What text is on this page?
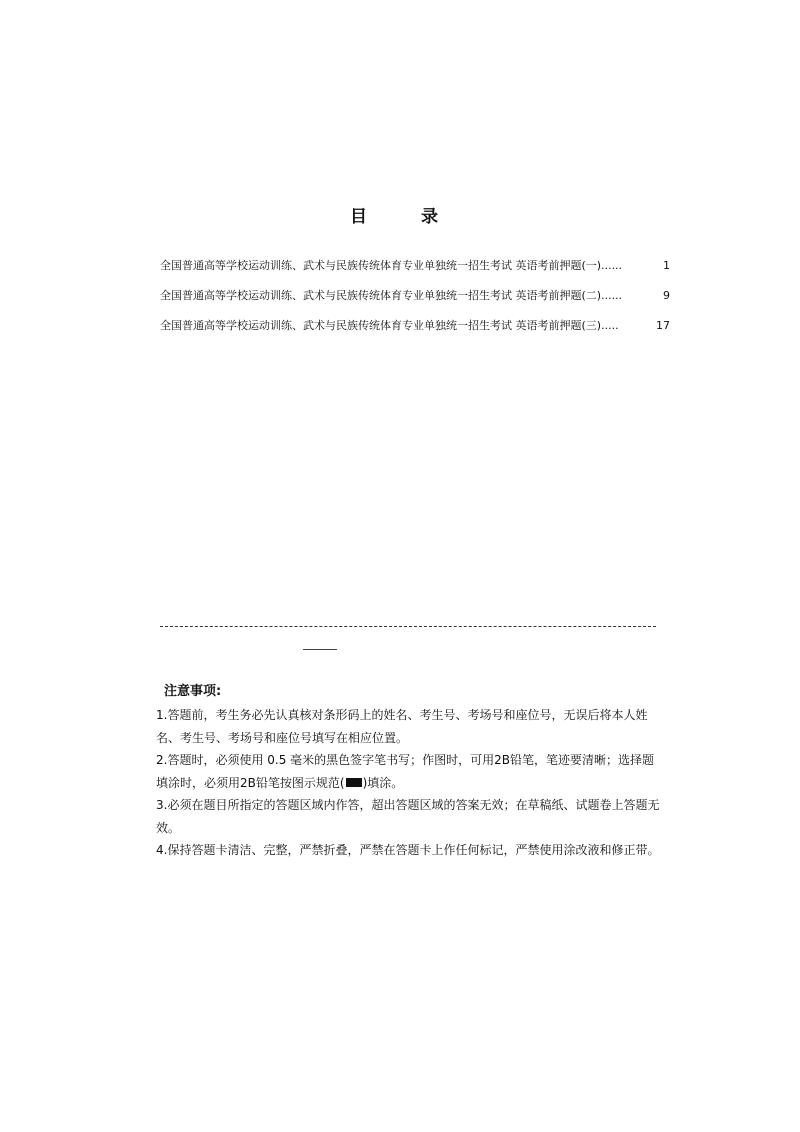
目 录
全国普通高等学校运动训练、武术与民族传统体育专业单独统一招生考试 英语考前押题(一)......	1
全国普通高等学校运动训练、武术与民族传统体育专业单独统一招生考试 英语考前押题(二)......	9
全国普通高等学校运动训练、武术与民族传统体育专业单独统一招生考试 英语考前押题(三).....	17
注意事项:

1.答题前，考生务必先认真核对条形码上的姓名、考生号、考场号和座位号，无误后将本人姓名、考生号、考场号和座位号填写在相应位置。

2.答题时，必须使用 0.5 毫米的黑色签字笔书写；作图时，可用2B铅笔，笔迹要清晰；选择题填涂时，必须用2B铅笔按图示规范( )填涂。

3.必须在题目所指定的答题区域内作答，超出答题区域的答案无效；在草稿纸、试题卷上答题无效。

4.保持答题卡清洁、完整，严禁折叠，严禁在答题卡上作任何标记，严禁使用涂改液和修正带。
